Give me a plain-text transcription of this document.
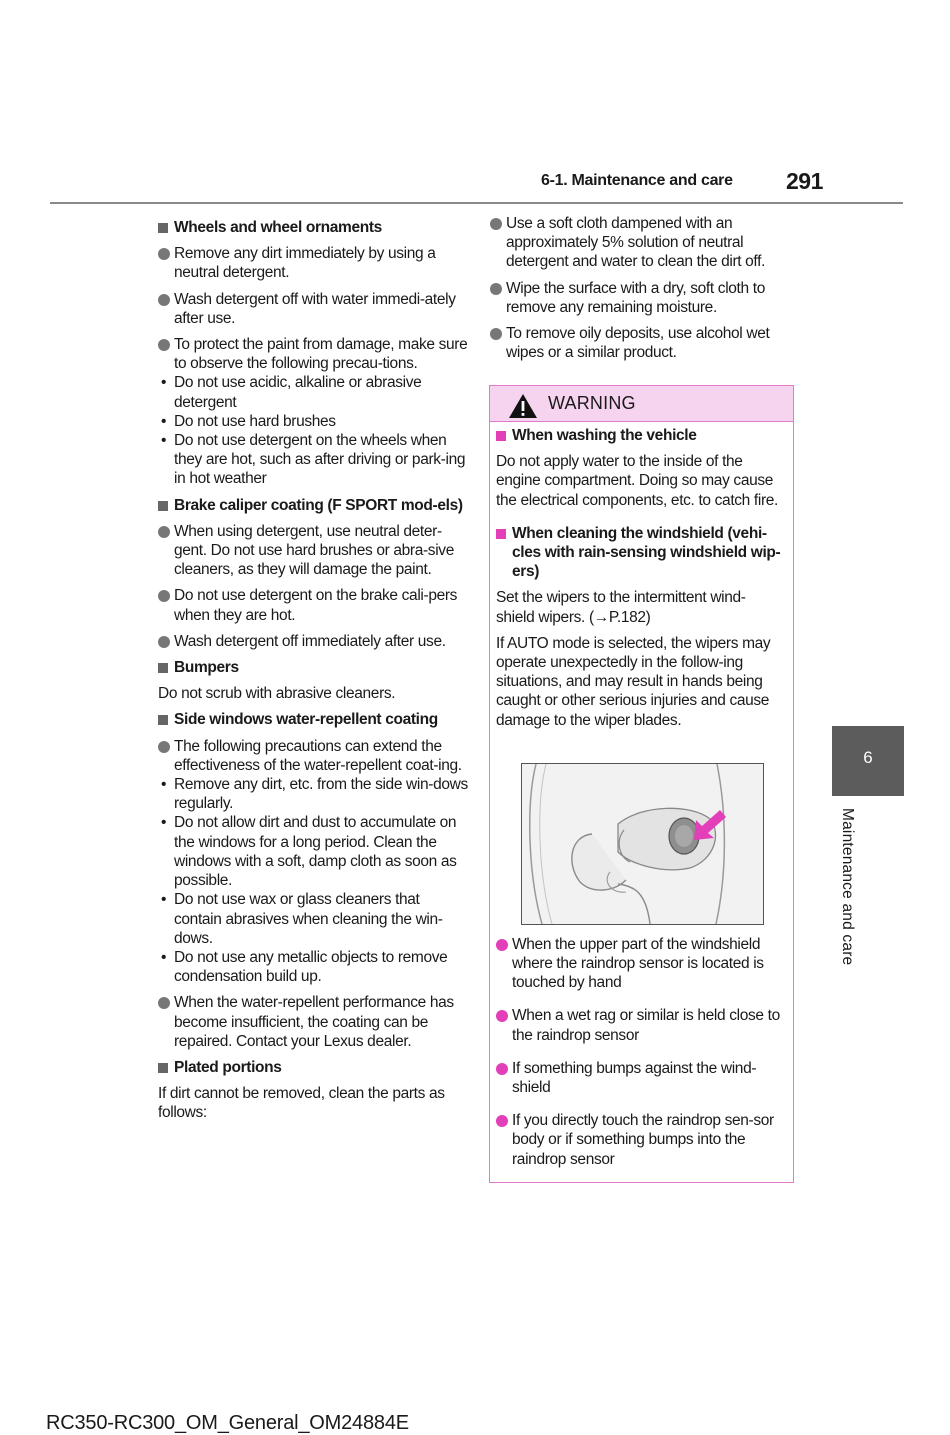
6-1. Maintenance and care 291
Wheels and wheel ornaments
Remove any dirt immediately by using a neutral detergent.
Wash detergent off with water immedi-ately after use.
To protect the paint from damage, make sure to observe the following precau-tions.
• Do not use acidic, alkaline or abrasive detergent
• Do not use hard brushes
• Do not use detergent on the wheels when they are hot, such as after driving or park-ing in hot weather
Brake caliper coating (F SPORT mod-els)
When using detergent, use neutral deter-gent. Do not use hard brushes or abra-sive cleaners, as they will damage the paint.
Do not use detergent on the brake cali-pers when they are hot.
Wash detergent off immediately after use.
Bumpers
Do not scrub with abrasive cleaners.
Side windows water-repellent coating
The following precautions can extend the effectiveness of the water-repellent coat-ing.
• Remove any dirt, etc. from the side win-dows regularly.
• Do not allow dirt and dust to accumulate on the windows for a long period. Clean the windows with a soft, damp cloth as soon as possible.
• Do not use wax or glass cleaners that contain abrasives when cleaning the win-dows.
• Do not use any metallic objects to remove condensation build up.
When the water-repellent performance has become insufficient, the coating can be repaired. Contact your Lexus dealer.
Plated portions
If dirt cannot be removed, clean the parts as follows:
Use a soft cloth dampened with an approximately 5% solution of neutral detergent and water to clean the dirt off.
Wipe the surface with a dry, soft cloth to remove any remaining moisture.
To remove oily deposits, use alcohol wet wipes or a similar product.
WARNING
When washing the vehicle
Do not apply water to the inside of the engine compartment. Doing so may cause the electrical components, etc. to catch fire.
When cleaning the windshield (vehi-cles with rain-sensing windshield wip-ers)
Set the wipers to the intermittent wind-shield wipers. (→P.182)
If AUTO mode is selected, the wipers may operate unexpectedly in the follow-ing situations, and may result in hands being caught or other serious injuries and cause damage to the wiper blades.
When the upper part of the windshield where the raindrop sensor is located is touched by hand
When a wet rag or similar is held close to the raindrop sensor
If something bumps against the wind-shield
If you directly touch the raindrop sen-sor body or if something bumps into the raindrop sensor
6
Maintenance and care
RC350-RC300_OM_General_OM24884E
